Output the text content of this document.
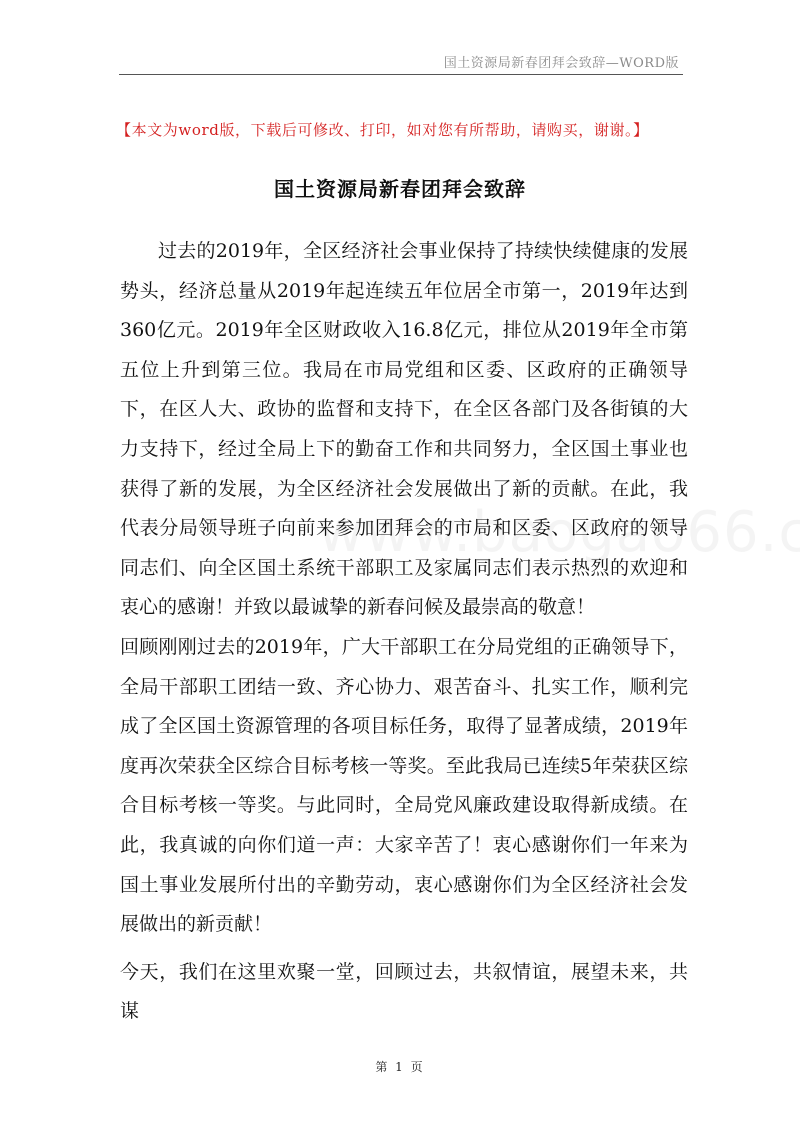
国土资源局新春团拜会致辞—WORD版
【本文为word版，下载后可修改、打印，如对您有所帮助，请购买，谢谢。】
国土资源局新春团拜会致辞

过去的2019年，全区经济社会事业保持了持续快续健康的发展势头，经济总量从2019年起连续五年位居全市第一，2019年达到360亿元。2019年全区财政收入16.8亿元，排位从2019年全市第五位上升到第三位。我局在市局党组和区委、区政府的正确领导下，在区人大、政协的监督和支持下，在全区各部门及各街镇的大力支持下，经过全局上下的勤奋工作和共同努力，全区国土事业也获得了新的发展，为全区经济社会发展做出了新的贡献。在此，我代表分局领导班子向前来参加团拜会的市局和区委、区政府的领导同志们、向全区国土系统干部职工及家属同志们表示热烈的欢迎和衷心的感谢！并致以最诚挚的新春问候及最崇高的敬意！

回顾刚刚过去的2019年，广大干部职工在分局党组的正确领导下，全局干部职工团结一致、齐心协力、艰苦奋斗、扎实工作，顺利完成了全区国土资源管理的各项目标任务，取得了显著成绩，2019年度再次荣获全区综合目标考核一等奖。至此我局已连续5年荣获区综合目标考核一等奖。与此同时，全局党风廉政建设取得新成绩。在此，我真诚的向你们道一声：大家辛苦了！衷心感谢你们一年来为国土事业发展所付出的辛勤劳动，衷心感谢你们为全区经济社会发展做出的新贡献！

今天，我们在这里欢聚一堂，回顾过去，共叙情谊，展望未来，共谋

第 1 页
